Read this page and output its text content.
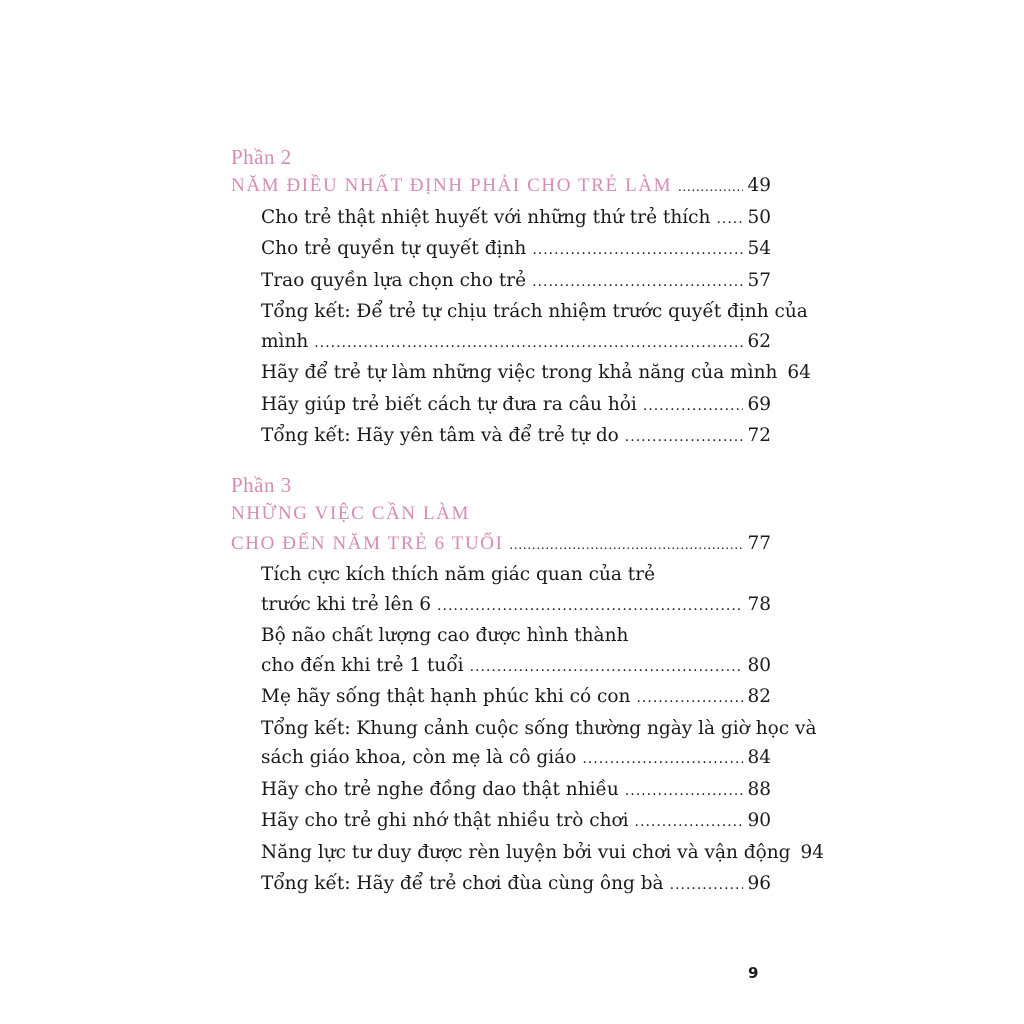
Phần 2
NĂM ĐIỀU NHẤT ĐỊNH PHẢI CHO TRẺ LÀM .....	49
Cho trẻ thật nhiệt huyết với những thứ trẻ thích ..... 50
Cho trẻ quyền tự quyết định .....	54
Trao quyền lựa chọn cho trẻ .....	57
Tổng kết: Để trẻ tự chịu trách nhiệm trước quyết định của
mình .....	62
Hãy để trẻ tự làm những việc trong khả năng của mình 64
Hãy giúp trẻ biết cách tự đưa ra câu hỏi .....	69
Tổng kết: Hãy yên tâm và để trẻ tự do .....	72
Phần 3
NHỮNG VIỆC CẦN LÀM
CHO ĐẾN NĂM TRẺ 6 TUỔI .....	77
Tích cực kích thích năm giác quan của trẻ
trước khi trẻ lên 6 .....	78
Bộ não chất lượng cao được hình thành
cho đến khi trẻ 1 tuổi .....	80
Mẹ hãy sống thật hạnh phúc khi có con .....	82
Tổng kết: Khung cảnh cuộc sống thường ngày là giờ học và
sách giáo khoa, còn mẹ là cô giáo .....	84
Hãy cho trẻ nghe đồng dao thật nhiều .....	88
Hãy cho trẻ ghi nhớ thật nhiều trò chơi .....	90
Năng lực tư duy được rèn luyện bởi vui chơi và vận động 94
Tổng kết: Hãy để trẻ chơi đùa cùng ông bà .....	96
9
